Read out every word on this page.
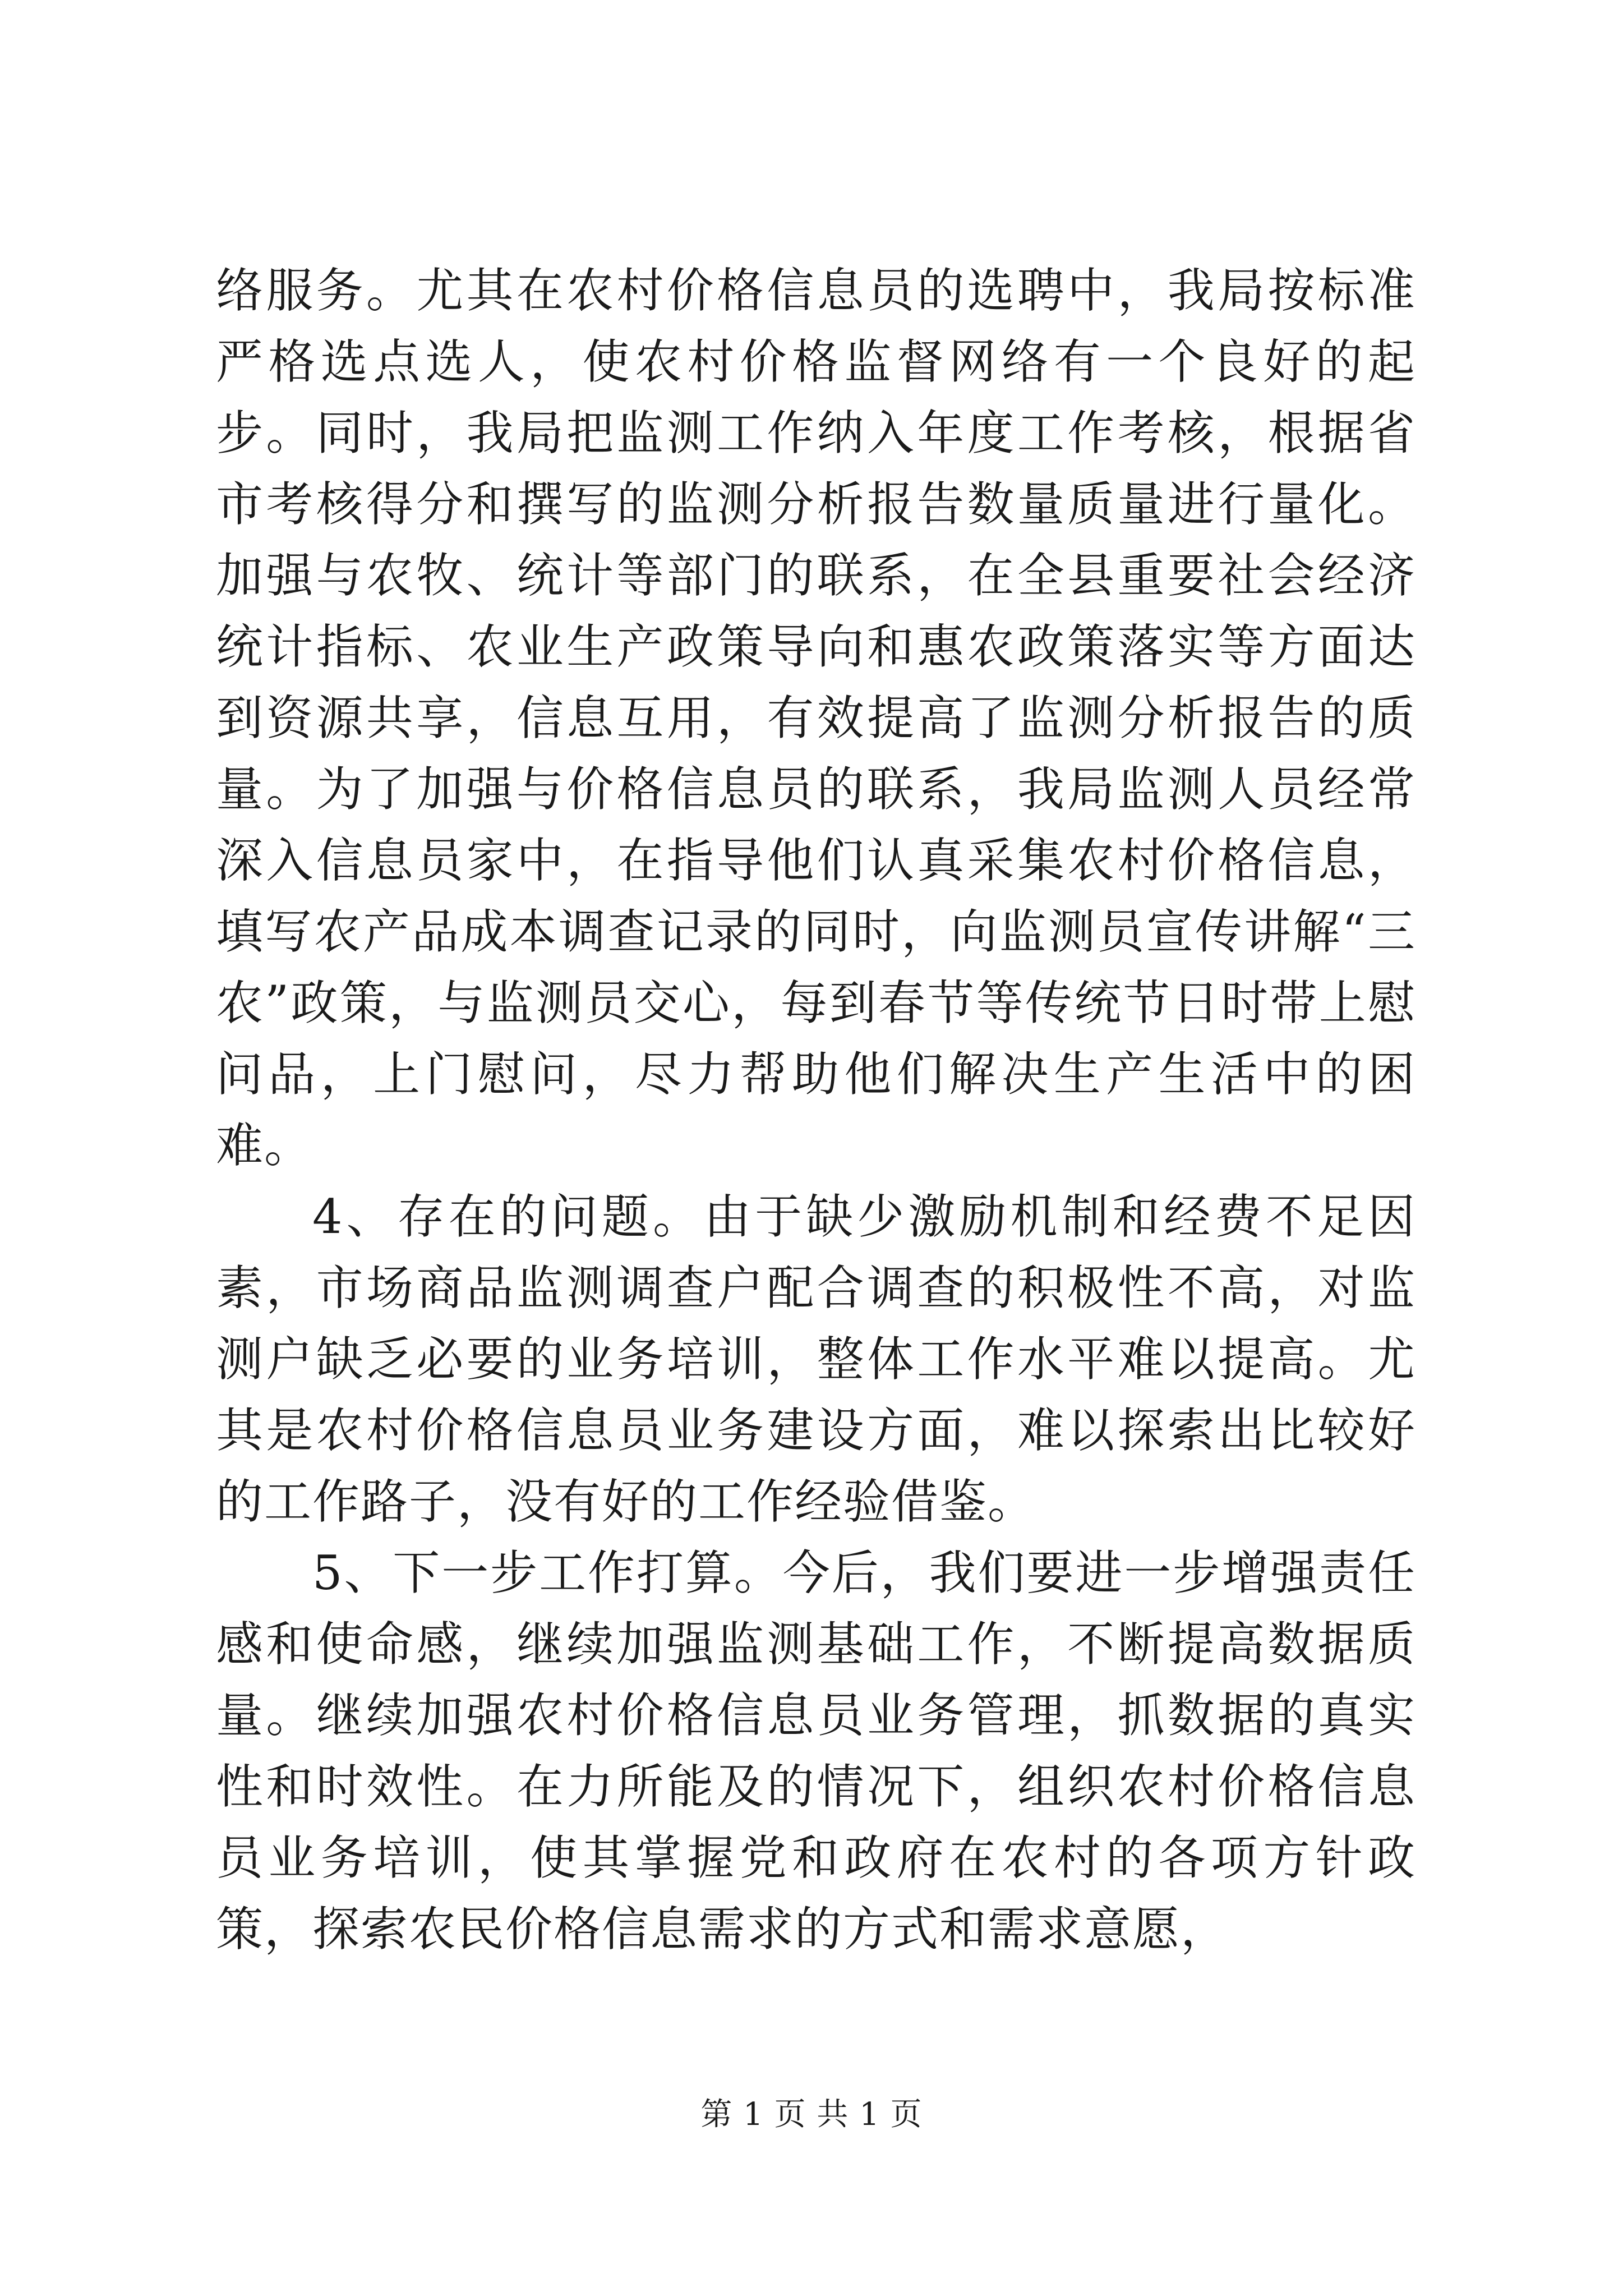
络服务。尤其在农村价格信息员的选聘中，我局按标准严格选点选人，使农村价格监督网络有一个良好的起步。同时，我局把监测工作纳入年度工作考核，根据省市考核得分和撰写的监测分析报告数量质量进行量化。加强与农牧、统计等部门的联系，在全县重要社会经济统计指标、农业生产政策导向和惠农政策落实等方面达到资源共享，信息互用，有效提高了监测分析报告的质量。为了加强与价格信息员的联系，我局监测人员经常深入信息员家中，在指导他们认真采集农村价格信息，填写农产品成本调查记录的同时，向监测员宣传讲解“三农”政策，与监测员交心，每到春节等传统节日时带上慰问品，上门慰问，尽力帮助他们解决生产生活中的困难。

4、存在的问题。由于缺少激励机制和经费不足因素，市场商品监测调查户配合调查的积极性不高，对监测户缺乏必要的业务培训，整体工作水平难以提高。尤其是农村价格信息员业务建设方面，难以探索出比较好的工作路子，没有好的工作经验借鉴。

5、下一步工作打算。今后，我们要进一步增强责任感和使命感，继续加强监测基础工作，不断提高数据质量。继续加强农村价格信息员业务管理，抓数据的真实性和时效性。在力所能及的情况下，组织农村价格信息员业务培训，使其掌握党和政府在农村的各项方针政策，探索农民价格信息需求的方式和需求意愿，

第 1 页 共 1 页
